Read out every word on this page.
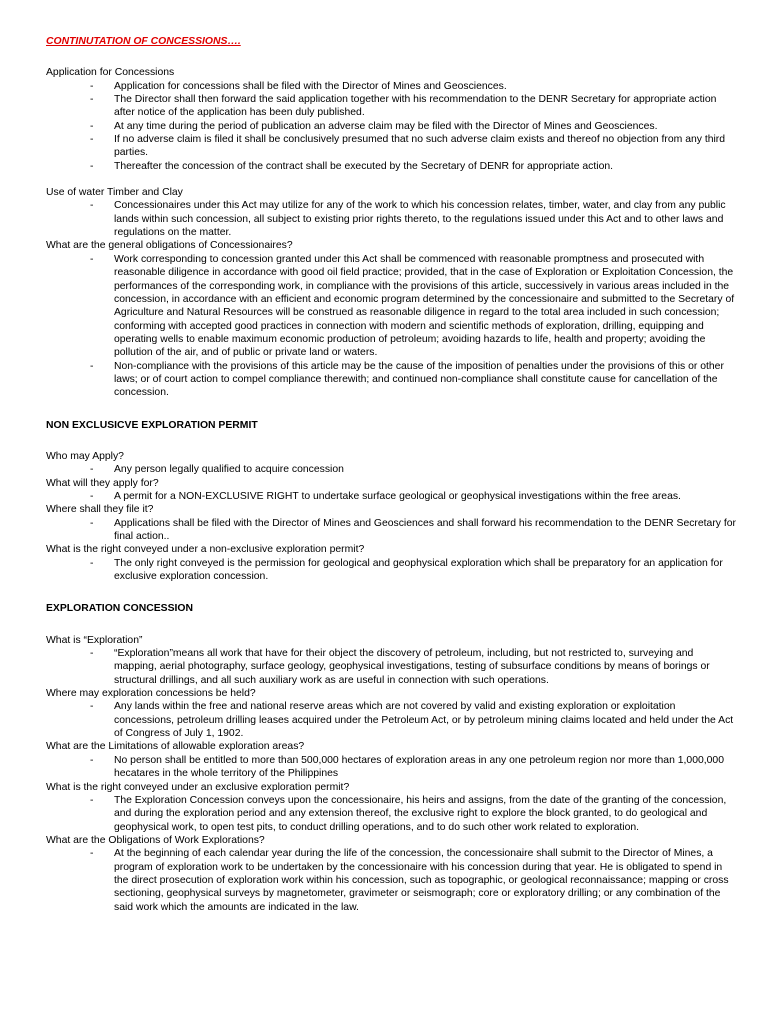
CONTINUTATION OF CONCESSIONS….
Application for Concessions
- Application for concessions shall be filed with the Director of Mines and Geosciences.
- The Director shall then forward the said application together with his recommendation to the DENR Secretary for appropriate action after notice of the application has been duly published.
- At any time during the period of publication an adverse claim may be filed with the Director of Mines and Geosciences.
- If no adverse claim is filed it shall be conclusively presumed that no such adverse claim exists and thereof no objection from any third parties.
- Thereafter the concession of the contract shall be executed by the Secretary of DENR for appropriate action.
Use of water Timber and Clay
- Concessionaires under this Act may utilize for any of the work to which his concession relates, timber, water, and clay from any public lands within such concession, all subject to existing prior rights thereto, to the regulations issued under this Act and to other laws and regulations on the matter.
What are the general obligations of Concessionaires?
- Work corresponding to concession granted under this Act shall be commenced with reasonable promptness and prosecuted with reasonable diligence in accordance with good oil field practice; provided, that in the case of Exploration or Exploitation Concession, the performances of the corresponding work, in compliance with the provisions of this article, successively in various areas included in the concession, in accordance with an efficient and economic program determined by the concessionaire and submitted to the Secretary of Agriculture and Natural Resources will be construed as reasonable diligence in regard to the total area included in such concession; conforming with accepted good practices in connection with modern and scientific methods of exploration, drilling, equipping and operating wells to enable maximum economic production of petroleum; avoiding hazards to life, health and property; avoiding the pollution of the air, and of public or private land or waters.
- Non-compliance with the provisions of this article may be the cause of the imposition of penalties under the provisions of this or other laws; or of court action to compel compliance therewith; and continued non-compliance shall constitute cause for cancellation of the concession.
NON EXCLUSICVE EXPLORATION PERMIT
Who may Apply?
- Any person legally qualified to acquire concession
What will they apply for?
- A permit for a NON-EXCLUSIVE RIGHT to undertake surface geological or geophysical investigations within the free areas.
Where shall they file it?
- Applications shall be filed with the Director of Mines and Geosciences and shall forward his recommendation to the DENR Secretary for final action..
What is the right conveyed under a non-exclusive exploration permit?
- The only right conveyed is the permission for geological and geophysical exploration which shall be preparatory for an application for exclusive exploration concession.
EXPLORATION CONCESSION
What is “Exploration”
- “Exploration”means all work that have for their object the discovery of petroleum, including, but not restricted to, surveying and mapping, aerial photography, surface geology, geophysical investigations, testing of subsurface conditions by means of borings or structural drillings, and all such auxiliary work as are useful in connection with such operations.
Where may exploration concessions be held?
- Any lands within the free and national reserve areas which are not covered by valid and existing exploration or exploitation concessions, petroleum drilling leases acquired under the Petroleum Act, or by petroleum mining claims located and held under the Act of Congress of July 1, 1902.
What are the Limitations of allowable exploration areas?
- No person shall be entitled to more than 500,000 hectares of exploration areas in any one petroleum region nor more than 1,000,000 hecatares in the whole territory of the Philippines
What is the right conveyed under an exclusive exploration permit?
- The Exploration Concession conveys upon the concessionaire, his heirs and assigns, from the date of the granting of the concession, and during the exploration period and any extension thereof, the exclusive right to explore the block granted, to do geological and geophysical work, to open test pits, to conduct drilling operations, and to do such other work related to exploration.
What are the Obligations of Work Explorations?
- At the beginning of each calendar year during the life of the concession, the concessionaire shall submit to the Director of Mines, a program of exploration work to be undertaken by the concessionaire with his concession during that year. He is obligated to spend in the direct prosecution of exploration work within his concession, such as topographic, or geological reconnaissance; mapping or cross sectioning, geophysical surveys by magnetometer, gravimeter or seismograph; core or exploratory drilling; or any combination of the said work which the amounts are indicated in the law.
